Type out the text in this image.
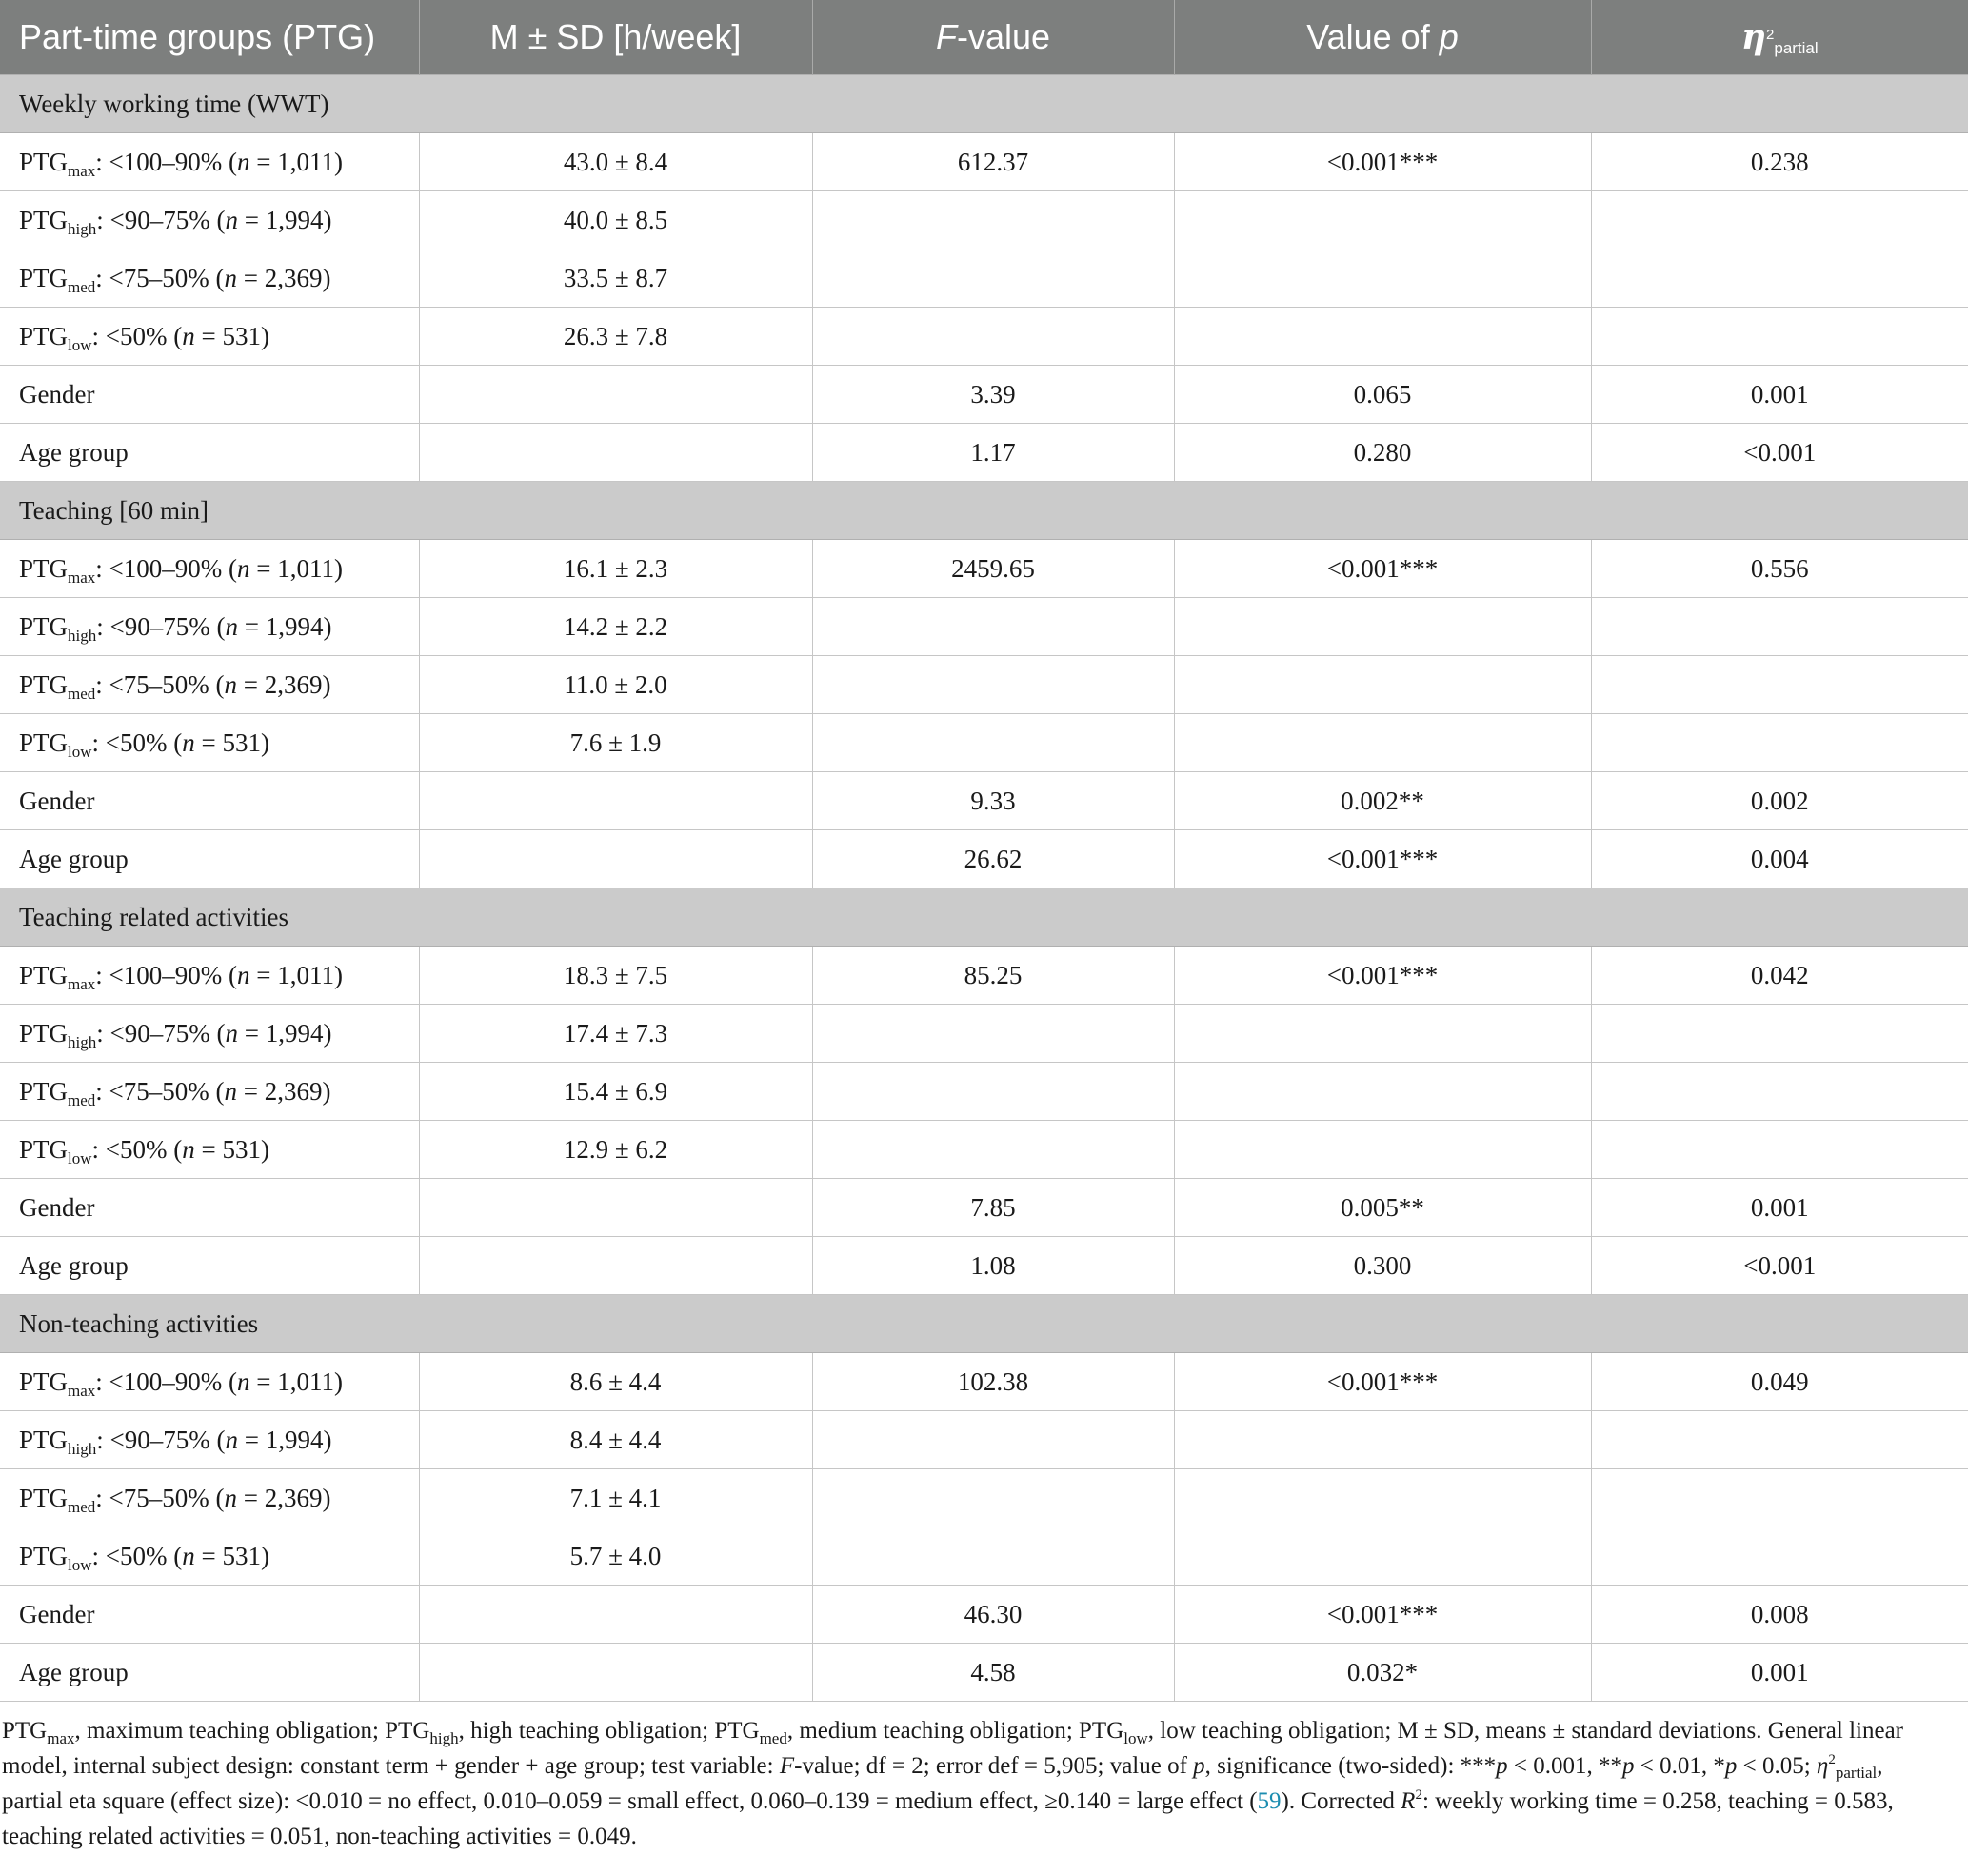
Part-time groups (PTG)	M ± SD [h/week]	F-value	Value of p	$\eta^2_{partial}$
Weekly working time (WWT)				
$PTG_{max}$: <100–90% (n = 1,011)	43.0 ± 8.4	612.37	<0.001***	0.238
$PTG_{high}$: <90–75% (n = 1,994)	40.0 ± 8.5			
$PTG_{med}$: <75–50% (n = 2,369)	33.5 ± 8.7			
$PTG_{low}$: <50% (n = 531)	26.3 ± 7.8			
Gender		3.39	0.065	0.001
Age group		1.17	0.280	<0.001
Teaching [60 min]				
$PTG_{max}$: <100–90% (n = 1,011)	16.1 ± 2.3	2459.65	<0.001***	0.556
$PTG_{high}$: <90–75% (n = 1,994)	14.2 ± 2.2			
$PTG_{med}$: <75–50% (n = 2,369)	11.0 ± 2.0			
$PTG_{low}$: <50% (n = 531)	7.6 ± 1.9			
Gender		9.33	0.002**	0.002
Age group		26.62	<0.001***	0.004
Teaching related activities				
$PTG_{max}$: <100–90% (n = 1,011)	18.3 ± 7.5	85.25	<0.001***	0.042
$PTG_{high}$: <90–75% (n = 1,994)	17.4 ± 7.3			
$PTG_{med}$: <75–50% (n = 2,369)	15.4 ± 6.9			
$PTG_{low}$: <50% (n = 531)	12.9 ± 6.2			
Gender		7.85	0.005**	0.001
Age group		1.08	0.300	<0.001
Non-teaching activities				
$PTG_{max}$: <100–90% (n = 1,011)	8.6 ± 4.4	102.38	<0.001***	0.049
$PTG_{high}$: <90–75% (n = 1,994)	8.4 ± 4.4			
$PTG_{med}$: <75–50% (n = 2,369)	7.1 ± 4.1			
$PTG_{low}$: <50% (n = 531)	5.7 ± 4.0			
Gender		46.30	<0.001***	0.008
Age group		4.58	0.032*	0.001
$PTG_{max}$, maximum teaching obligation; $PTG_{high}$, high teaching obligation; $PTG_{med}$, medium teaching obligation; $PTG_{low}$, low teaching obligation; M ± SD, means ± standard deviations. General linear model, internal subject design: constant term + gender + age group; test variable: F-value; df = 2; error def = 5,905; value of p, significance (two-sided): ***p < 0.001, **p < 0.01, *p < 0.05; $\eta^2_{partial}$, partial eta square (effect size): <0.010 = no effect, 0.010–0.059 = small effect, 0.060–0.139 = medium effect, ≥0.140 = large effect (59). Corrected $R^2$: weekly working time = 0.258, teaching = 0.583, teaching related activities = 0.051, non-teaching activities = 0.049.
